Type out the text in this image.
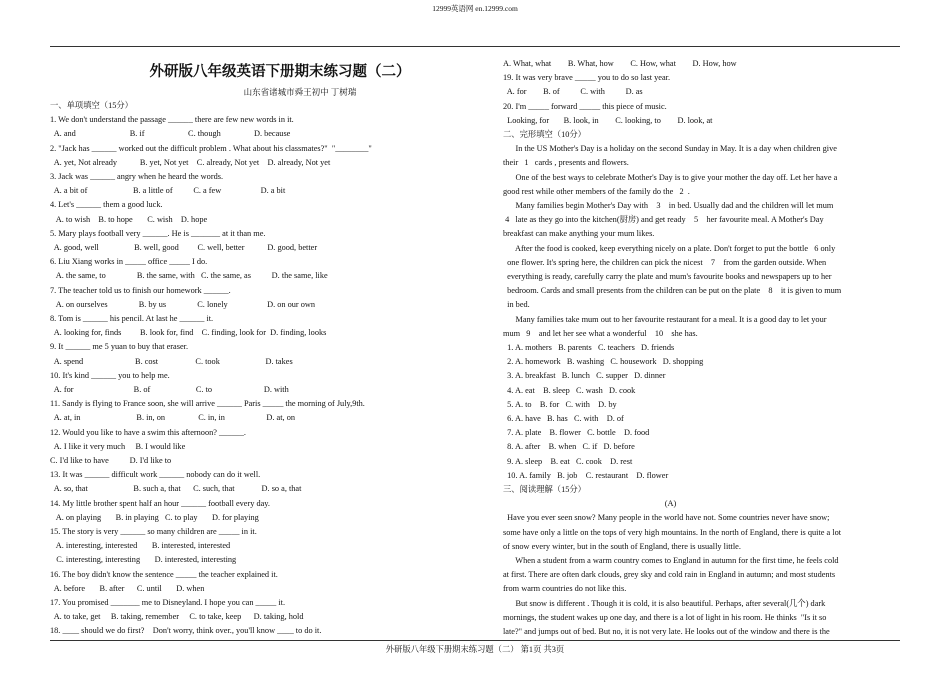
12999英语网 en.12999.com
外研版八年级英语下册期末练习题（二）
山东省诸城市舜王初中 丁树瑞
一、单项填空（15分）
1. We don't understand the passage ______ there are few new words in it.
A. and                          B. if                     C. though                D. because
2. "Jack has ______ worked out the difficult problem . What about his classmates?"  "________"
A. yet, Not already           B. yet, Not yet    C. already, Not yet    D. already, Not yet
3. Jack was ______ angry when he heard the words.
A. a bit of                      B. a little of          C. a few                   D. a bit
4. Let's ______ them a good luck.
A. to wish    B. to hope       C. wish    D. hope
5. Mary plays football very ______. He is _______ at it than me.
A. good, well                 B. well, good         C. well, better           D. good, better
6. Liu Xiang works in _____ office _____ I do.
A. the same, to               B. the same, with   C. the same, as          D. the same, like
7. The teacher told us to finish our homework ______.
A. on ourselves               B. by us               C. lonely                   D. on our own
8. Tom is ______ his pencil. At last he ______ it.
A. looking for, finds         B. look for, find    C. finding, look for  D. finding, looks
9. It ______ me 5 yuan to buy that eraser.
A. spend                         B. cost                  C. took                      D. takes
10. It's kind ______ you to help me.
A. for                             B. of                      C. to                         D. with
11. Sandy is flying to France soon, she will arrive ______ Paris _____ the morning of July,9th.
A. at, in                           B. in, on                C. in, in                    D. at, on
12. Would you like to have a swim this afternoon? ______.
A. I like it very much     B. I would like
C. I'd like to have          D. I'd like to
13. It was ______ difficult work ______ nobody can do it well.
A. so, that                      B. such a, that      C. such, that             D. so a, that
14. My little brother spent half an hour ______ football every day.
A. on playing       B. in playing   C. to play       D. for playing
15. The story is very ______ so many children are _____ in it.
A. interesting, interested       B. interested, interested
C. interesting, interesting       D. interested, interesting
16. The boy didn't know the sentence _____ the teacher explained it.
A. before       B. after      C. until       D. when
17. You promised _______ me to Disneyland. I hope you can _____ it.
A. to take, get     B. taking, remember     C. to take, keep      D. taking, hold
18. ____ should we do first?    Don't worry, think over., you'll know ____ to do it.
A. What, what        B. What, how        C. How, what        D. How, how
19. It was very brave _____ you to do so last year.
A. for        B. of          C. with          D. as
20. I'm _____ forward _____ this piece of music.
Looking, for       B. look, in        C. looking, to        D. look, at
二、完形填空（10分）
In the US Mother's Day is a holiday on the second Sunday in May. It is a day when children give
their   1   cards , presents and flowers.
One of the best ways to celebrate Mother's Day is to give your mother the day off. Let her have a
good rest while other members of the family do the   2  .
Many families begin Mother's Day with    3    in bed. Usually dad and the children will let mum
4   late as they go into the kitchen(厨房) and get ready    5    her favourite meal. A Mother's Day
breakfast can make anything your mum likes.
After the food is cooked, keep everything nicely on a plate. Don't forget to put the bottle   6 only
one flower. It's spring here, the children can pick the nicest    7    from the garden outside. When
everything is ready, carefully carry the plate and mum's favourite books and newspapers up to her
bedroom. Cards and small presents from the children can be put on the plate    8    it is given to mum
in bed.
Many families take mum out to her favourite restaurant for a meal. It is a good day to let your
mum   9    and let her see what a wonderful    10    she has.
1. A. mothers   B. parents   C. teachers   D. friends
2. A. homework   B. washing   C. housework   D. shopping
3. A. breakfast   B. lunch   C. supper   D. dinner
4. A. eat    B. sleep   C. wash   D. cook
5. A. to    B. for   C. with    D. by
6. A. have   B. has   C. with    D. of
7. A. plate    B. flower   C. bottle    D. food
8. A. after    B. when   C. if   D. before
9. A. sleep    B. eat   C. cook    D. rest
10. A. family   B. job    C. restaurant    D. flower
三、阅读理解（15分）
(A)
Have you ever seen snow? Many people in the world have not. Some countries never have snow;
some have only a little on the tops of very high mountains. In the north of England, there is quite a lot
of snow every winter, but in the south of England, there is usually little.
When a student from a warm country comes to England in autumn for the first time, he feels cold
at first. There are often dark clouds, grey sky and cold rain in England in autumn; and most students
from warm countries do not like this.
But snow is different . Though it is cold, it is also beautiful. Perhaps, after several(几个) dark
mornings, the student wakes up one day, and there is a lot of light in his room. He thinks  "Is it so
late?" and jumps out of bed. But no, it is not very late. He looks out of the window and there is the
外研版八年级下册期末练习题（二） 第1页 共3页
